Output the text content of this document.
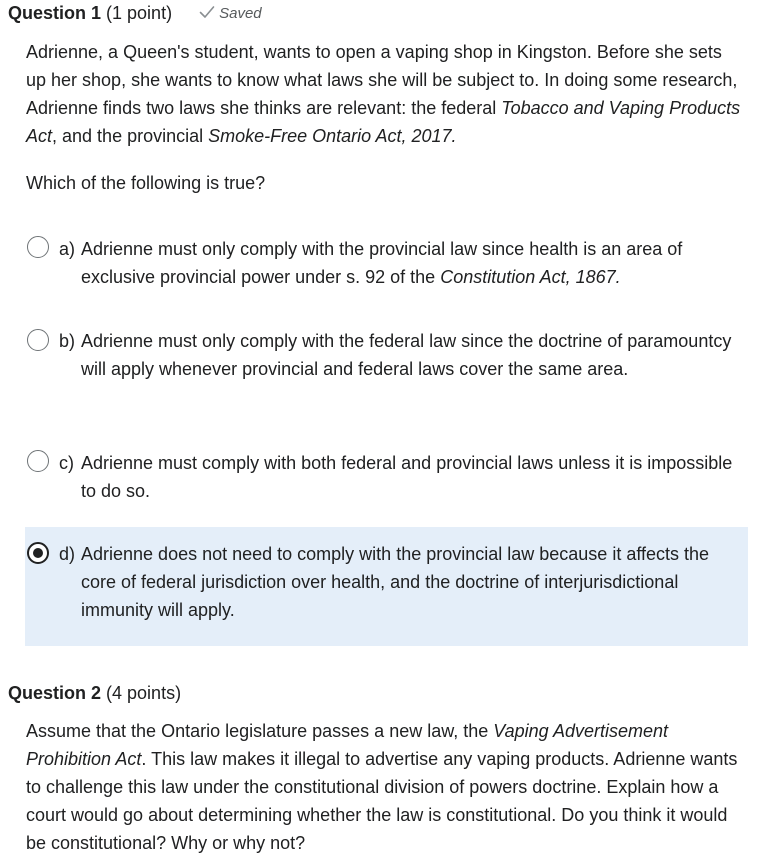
Question 1 (1 point)	Saved

Adrienne, a Queen's student, wants to open a vaping shop in Kingston. Before she sets up her shop, she wants to know what laws she will be subject to. In doing some research, Adrienne finds two laws she thinks are relevant: the federal Tobacco and Vaping Products Act, and the provincial Smoke-Free Ontario Act, 2017.

Which of the following is true?

a) Adrienne must only comply with the provincial law since health is an area of exclusive provincial power under s. 92 of the Constitution Act, 1867.
b) Adrienne must only comply with the federal law since the doctrine of paramountcy will apply whenever provincial and federal laws cover the same area.
c) Adrienne must comply with both federal and provincial laws unless it is impossible to do so.
d) Adrienne does not need to comply with the provincial law because it affects the core of federal jurisdiction over health, and the doctrine of interjurisdictional immunity will apply.
Question 2 (4 points)

Assume that the Ontario legislature passes a new law, the Vaping Advertisement Prohibition Act. This law makes it illegal to advertise any vaping products. Adrienne wants to challenge this law under the constitutional division of powers doctrine. Explain how a court would go about determining whether the law is constitutional. Do you think it would be constitutional? Why or why not?
